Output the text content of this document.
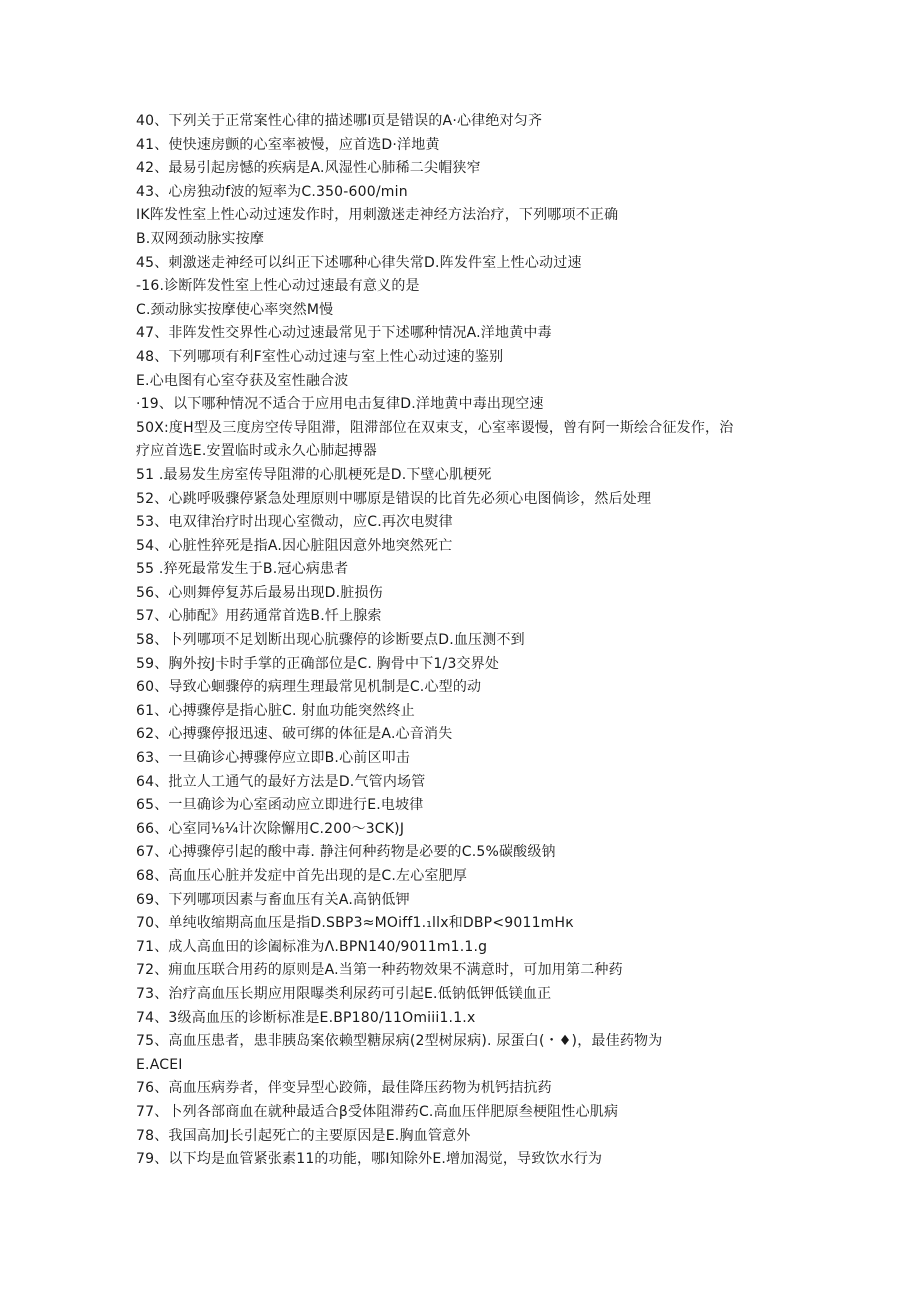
40、下列关于正常案性心律的描述哪I页是错误的A·心律绝对匀齐
41、使快速房颤的心室率被慢，应首选D·洋地黄
42、最易引起房憾的疾病是A.风湿性心肺稀二尖帽狭窄
43、心房独动f波的短率为C.350-600/min
IK阵发性室上性心动过速发作时，用刺激迷走神经方法治疗，下列哪项不正确
B.双网颈动脉实按摩
45、刺激迷走神经可以纠正下述哪种心律失常D.阵发件室上性心动过速
-16.诊断阵发性室上性心动过速最有意义的是
C.颈动脉实按摩使心率突然M慢
47、非阵发性交界性心动过速最常见于下述哪种情况A.洋地黄中毒
48、下列哪项有利F室性心动过速与室上性心动过速的鉴别
E.心电图有心室夺获及室性融合波
·19、以下哪种情况不适合于应用电击复律D.洋地黄中毒出现空速
50X:度H型及三度房空传导阻滞，阻滞部位在双束支，心室率谡慢，曾有阿一斯绘合征发作，治
疗应首选E.安置临时或永久心肺起搏器
51 .最易发生房室传导阻滞的心肌梗死是D.下壁心肌梗死
52、心跳呼吸骤停紧急处理原则中哪原是错误的比首先必须心电图倘诊，然后处理
53、电双律治疗时出现心室微动，应C.再次电熨律
54、心脏性猝死是指A.因心脏阻因意外地突然死亡
55 .猝死最常发生于B.冠心病患者
56、心则舞停复苏后最易出现D.脏损伤
57、心肺配》用药通常首选B.忏上腺索
58、卜列哪项不足划断出现心肮骤停的诊断要点D.血压测不到
59、胸外按J卡时手掌的正确部位是C. 胸骨中下1/3交界处
60、导致心蛔骤停的病理生理最常见机制是C.心型的动
61、心搏骤停是指心脏C. 射血功能突然终止
62、心搏骤停报迅速、破可绑的体征是A.心音消失
63、一旦确诊心搏骤停应立即B.心前区叩击
64、批立人工通气的最好方法是D.气管内场管
65、一旦确诊为心室函动应立即进行E.电坡律
66、心室同⅛¼计次除懈用C.200〜3CK)J
67、心搏骤停引起的酸中毒. 静注何种药物是必要的C.5%碳酸级钠
68、高血压心脏并发症中首先出现的是C.左心室肥厚
69、下列哪项因素与畜血压有关A.高钠低钾
70、单纯收缩期高血压是指D.SBP3≈MOiff1.₁llx和DBP<9011mHк
71、成人高血田的诊阖标准为Λ.BPN140∕9011m1.1.g
72、痈血压联合用药的原则是A.当第一种药物效果不满意时，可加用第二种药
73、治疗高血压长期应用限曝类利尿药可引起E.低钠低钾低镁血正
74、3级高血压的诊断标准是E.BP180/11Omiii1.1.x
75、高血压患者，患非胰岛案依赖型糖尿病(2型树尿病). 尿蛋白(・♦)，最佳药物为
E.ACEI
76、高血压病券者，伴变异型心跤筛，最佳降压药物为机钙拮抗药
77、卜列各部商血在就种最适合β受体阻滞药C.高血压伴肥原叁梗阻性心肌病
78、我国高加J长引起死亡的主要原因是E.胸血管意外
79、以下均是血管紧张素11的功能，哪I知除外E.增加渴觉，导致饮水行为
